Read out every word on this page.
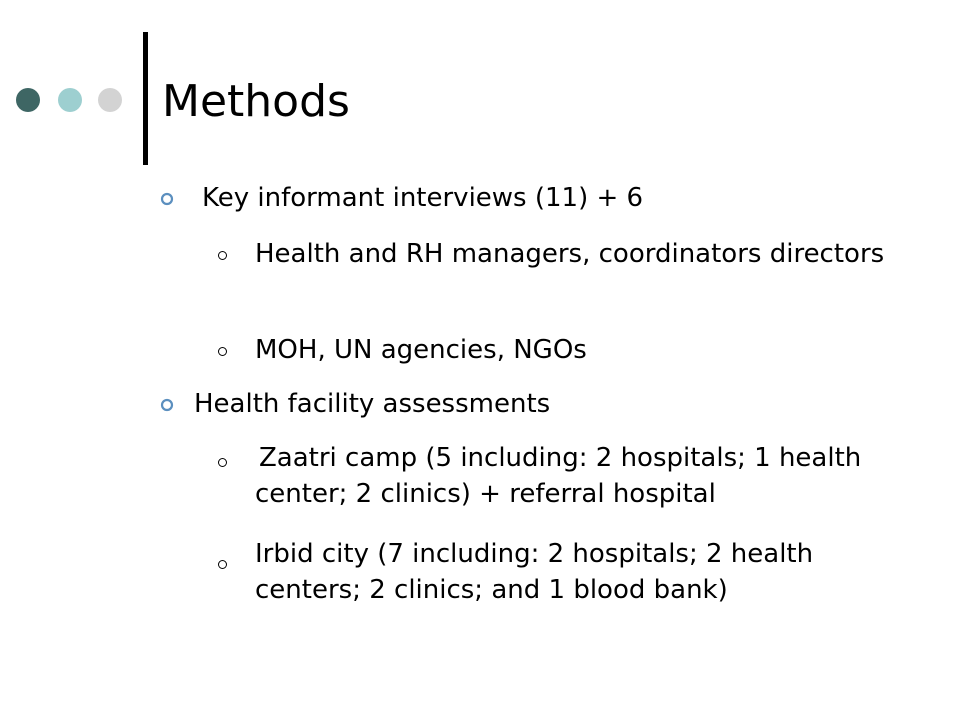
Methods
Key informant interviews (11) + 6
Health and RH managers, coordinators directors
MOH, UN agencies, NGOs
Health facility assessments
Zaatri camp (5 including: 2 hospitals; 1 health center; 2 clinics) + referral hospital
Irbid city (7 including: 2 hospitals; 2 health centers; 2 clinics; and 1 blood bank)
